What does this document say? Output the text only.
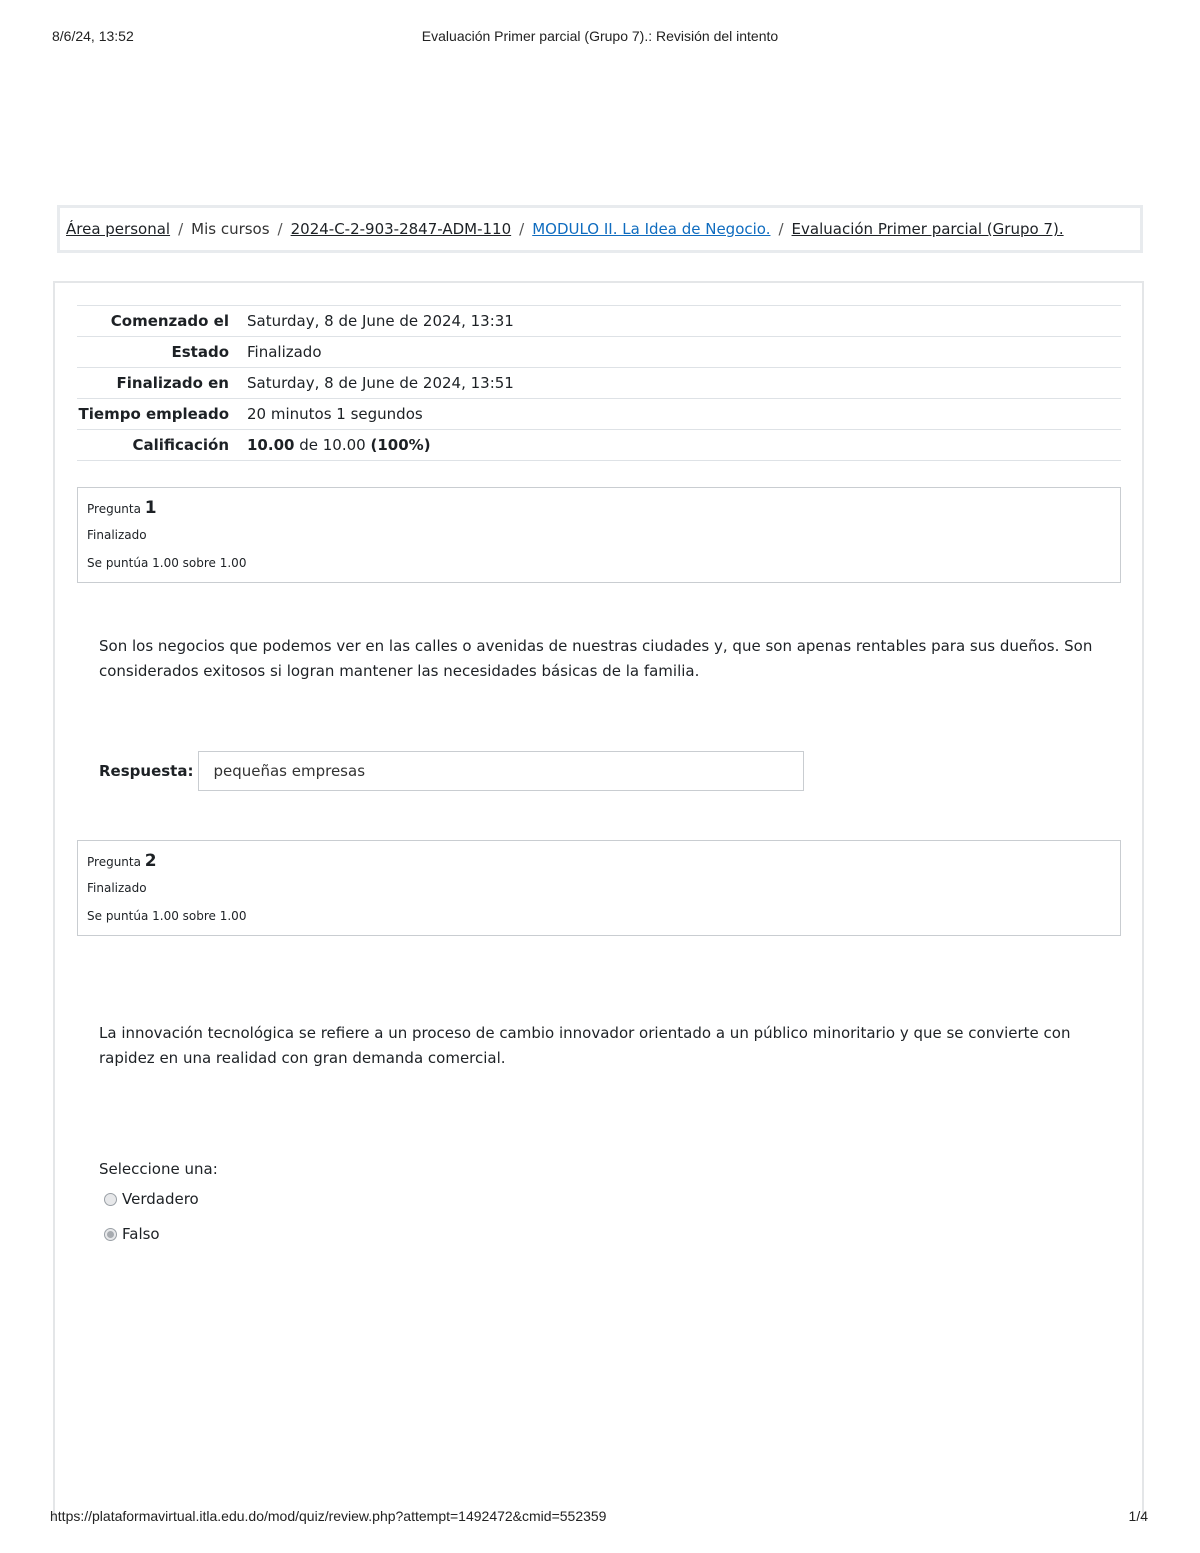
8/6/24, 13:52	Evaluación Primer parcial (Grupo 7).: Revisión del intento
Área personal / Mis cursos / 2024-C-2-903-2847-ADM-110 / MODULO II. La Idea de Negocio. / Evaluación Primer parcial (Grupo 7).
Comenzado el	Saturday, 8 de June de 2024, 13:31
Estado	Finalizado
Finalizado en	Saturday, 8 de June de 2024, 13:51
Tiempo empleado	20 minutos 1 segundos
Calificación	10.00 de 10.00 (100%)
Pregunta 1
Finalizado
Se puntúa 1.00 sobre 1.00
Son los negocios que podemos ver en las calles o avenidas de nuestras ciudades y, que son apenas rentables para sus dueños. Son considerados exitosos si logran mantener las necesidades básicas de la familia.
Respuesta:	pequeñas empresas
Pregunta 2
Finalizado
Se puntúa 1.00 sobre 1.00
La innovación tecnológica se refiere a un proceso de cambio innovador orientado a un público minoritario y que se convierte con rapidez en una realidad con gran demanda comercial.
Seleccione una:
Verdadero
Falso
https://plataformavirtual.itla.edu.do/mod/quiz/review.php?attempt=1492472&cmid=552359	1/4
